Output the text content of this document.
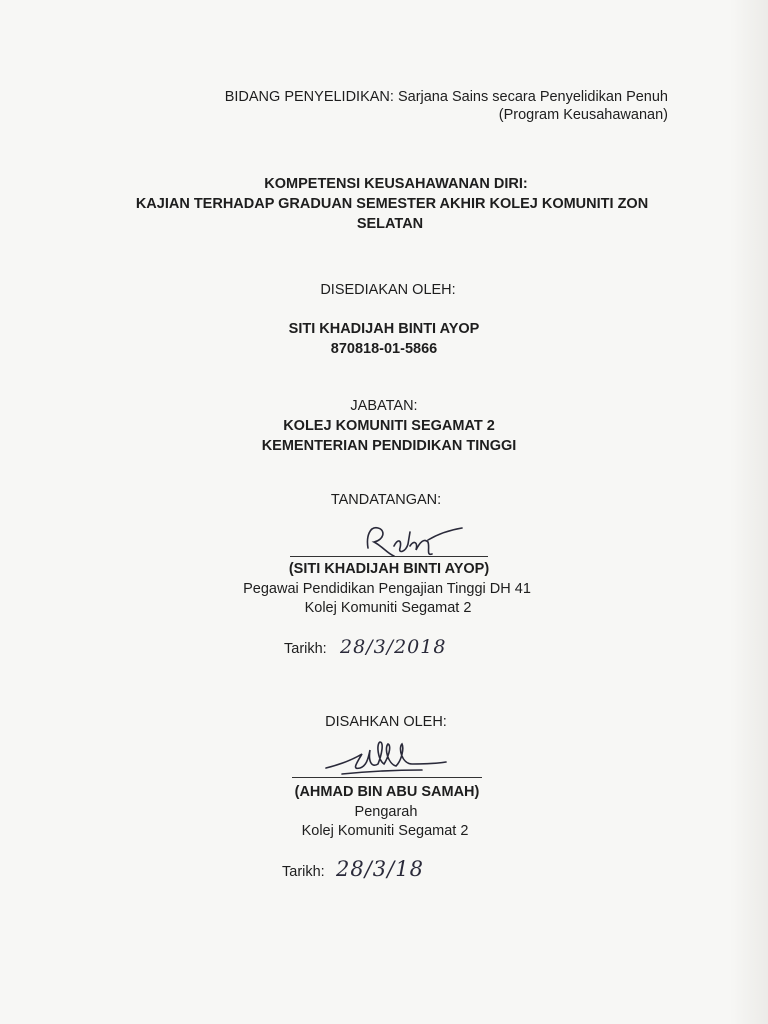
BIDANG PENYELIDIKAN: Sarjana Sains secara Penyelidikan Penuh
(Program Keusahawanan)
KOMPETENSI KEUSAHAWANAN DIRI:
KAJIAN TERHADAP GRADUAN SEMESTER AKHIR KOLEJ KOMUNITI ZON
SELATAN
DISEDIAKAN OLEH:
SITI KHADIJAH BINTI AYOP
870818-01-5866
JABATAN:
KOLEJ KOMUNITI SEGAMAT 2
KEMENTERIAN PENDIDIKAN TINGGI
TANDATANGAN:
(SITI KHADIJAH BINTI AYOP)
Pegawai Pendidikan Pengajian Tinggi DH 41
Kolej Komuniti Segamat 2
Tarikh: 28/3/2018
DISAHKAN OLEH:
(AHMAD BIN ABU SAMAH)
Pengarah
Kolej Komuniti Segamat 2
Tarikh: 28/3/18
